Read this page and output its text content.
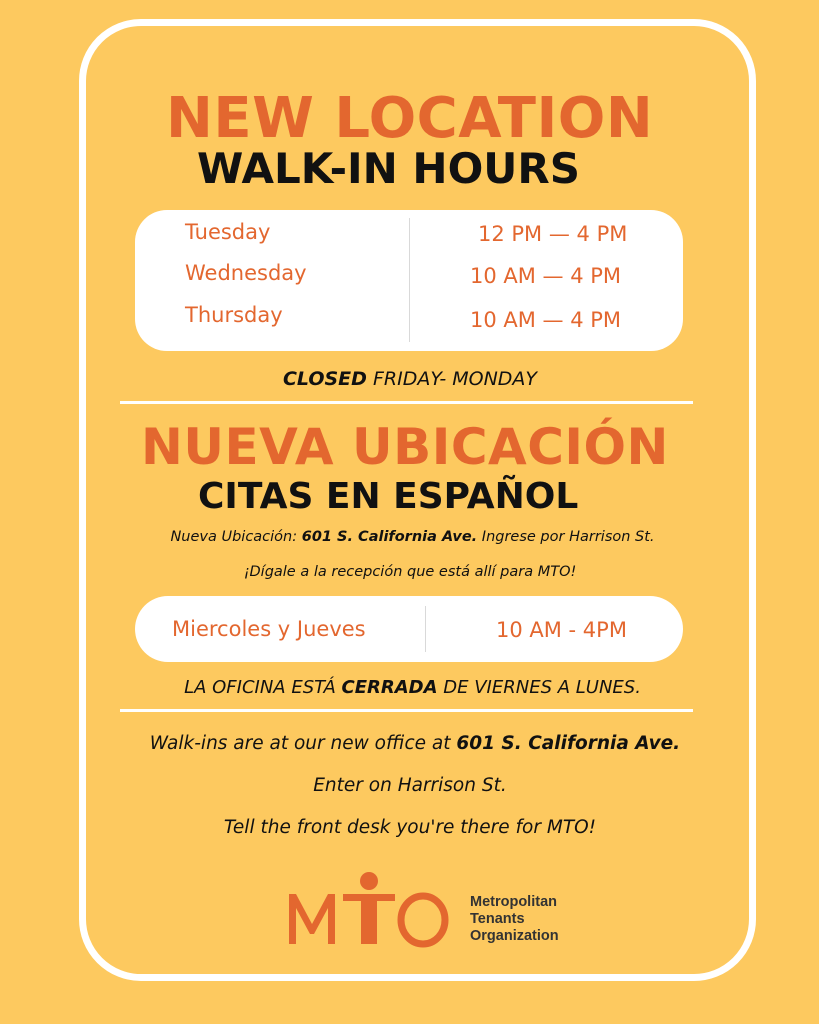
NEW LOCATION
WALK-IN HOURS
Tuesday	12 PM — 4 PM
Wednesday	10 AM — 4 PM
Thursday	10 AM — 4 PM
CLOSED FRIDAY- MONDAY
NUEVA UBICACIÓN
CITAS EN ESPAÑOL
Nueva Ubicación: 601 S. California Ave. Ingrese por Harrison St.
¡Dígale a la recepción que está allí para MTO!
Miercoles y Jueves	10 AM - 4PM
LA OFICINA ESTÁ CERRADA DE VIERNES A LUNES.
Walk-ins are at our new office at 601 S. California Ave.
Enter on Harrison St.
Tell the front desk you're there for MTO!
Metropolitan
Tenants
Organization
